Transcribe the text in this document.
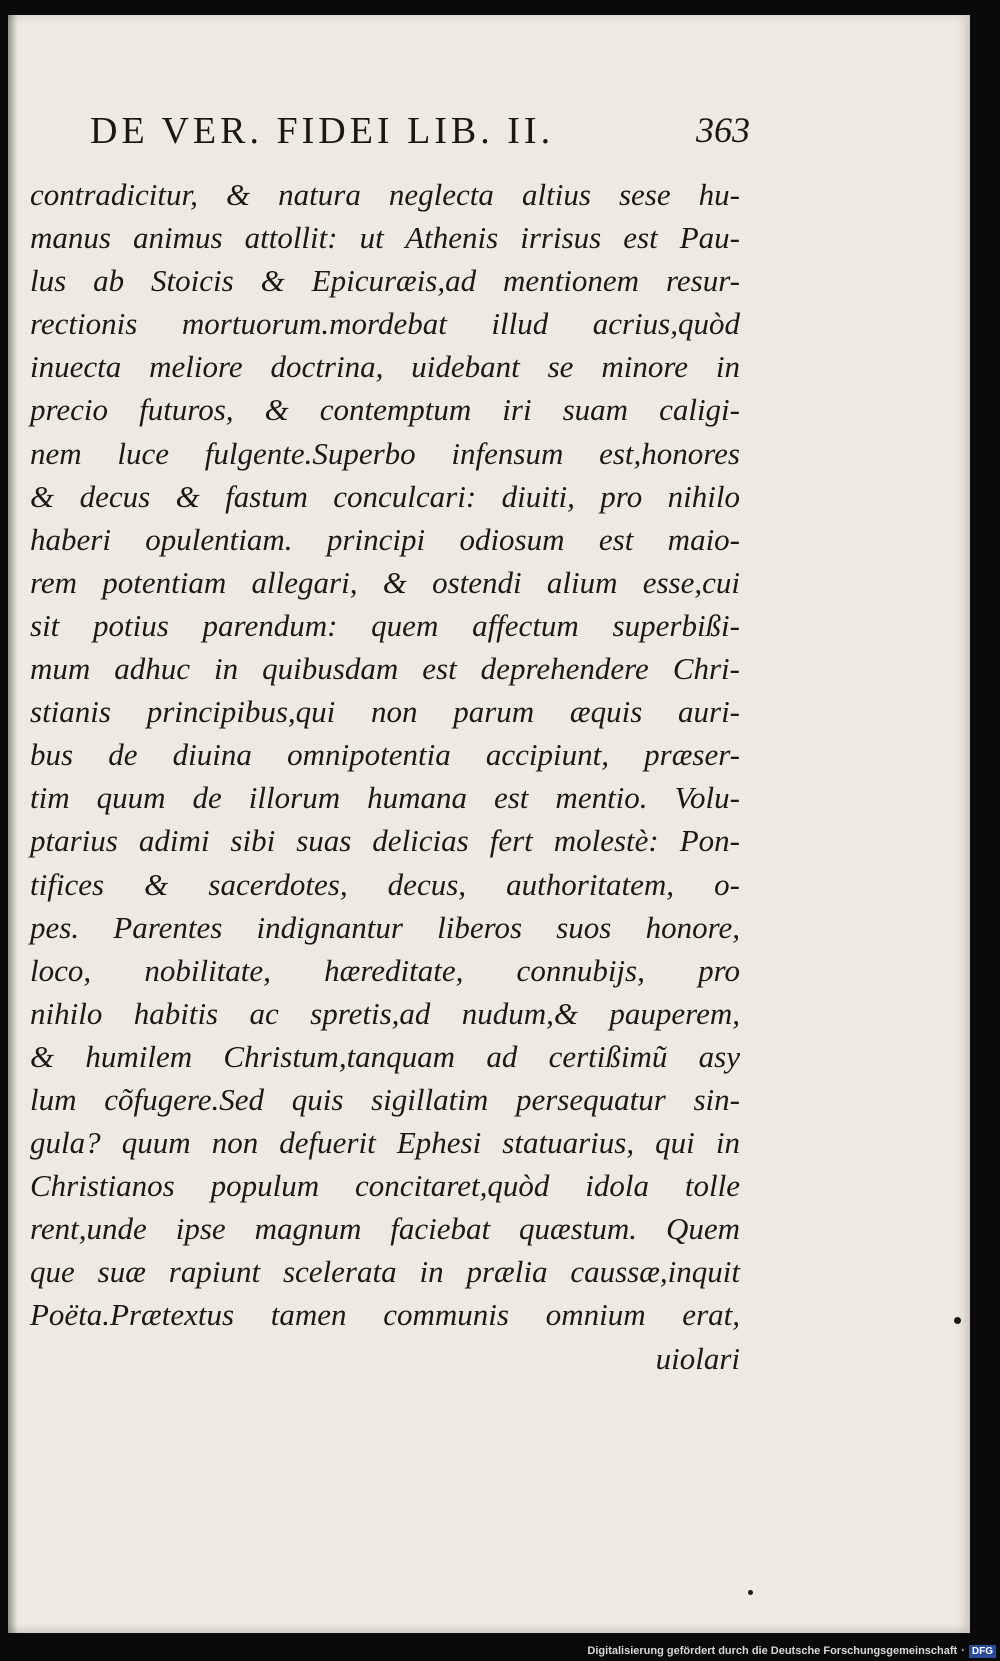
DE VER. FIDEI LIB. II.	363
contradicitur, & natura neglecta altius sese hu-
manus animus attollit: ut Athenis irrisus est Pau-
lus ab Stoicis & Epicuræis,ad mentionem resur-
rectionis mortuorum.mordebat illud acrius,quòd
inuecta meliore doctrina, uidebant se minore in
precio futuros, & contemptum iri suam caligi-
nem luce fulgente.Superbo infensum est,honores
& decus & fastum conculcari: diuiti, pro nihilo
haberi opulentiam. principi odiosum est maio-
rem potentiam allegari, & ostendi alium esse,cui
sit potius parendum: quem affectum superbißi-
mum adhuc in quibusdam est deprehendere Chri-
stianis principibus,qui non parum æquis auri-
bus de diuina omnipotentia accipiunt, præser-
tim quum de illorum humana est mentio. Volu-
ptarius adimi sibi suas delicias fert molestè: Pon-
tifices & sacerdotes, decus, authoritatem, o-
pes. Parentes indignantur liberos suos honore,
loco, nobilitate, hæreditate, connubijs, pro
nihilo habitis ac spretis,ad nudum,& pauperem,
& humilem Christum,tanquam ad certißimũ asy
lum cõfugere.Sed quis sigillatim persequatur sin-
gula? quum non defuerit Ephesi statuarius, qui in
Christianos populum concitaret,quòd idola tolle
rent,unde ipse magnum faciebat quæstum. Quem
que suæ rapiunt scelerata in prælia caussæ,inquit
Poëta.Prætextus tamen communis omnium erat,
uiolari
Digitalisierung gefördert durch die Deutsche Forschungsgemeinschaft · DFG
